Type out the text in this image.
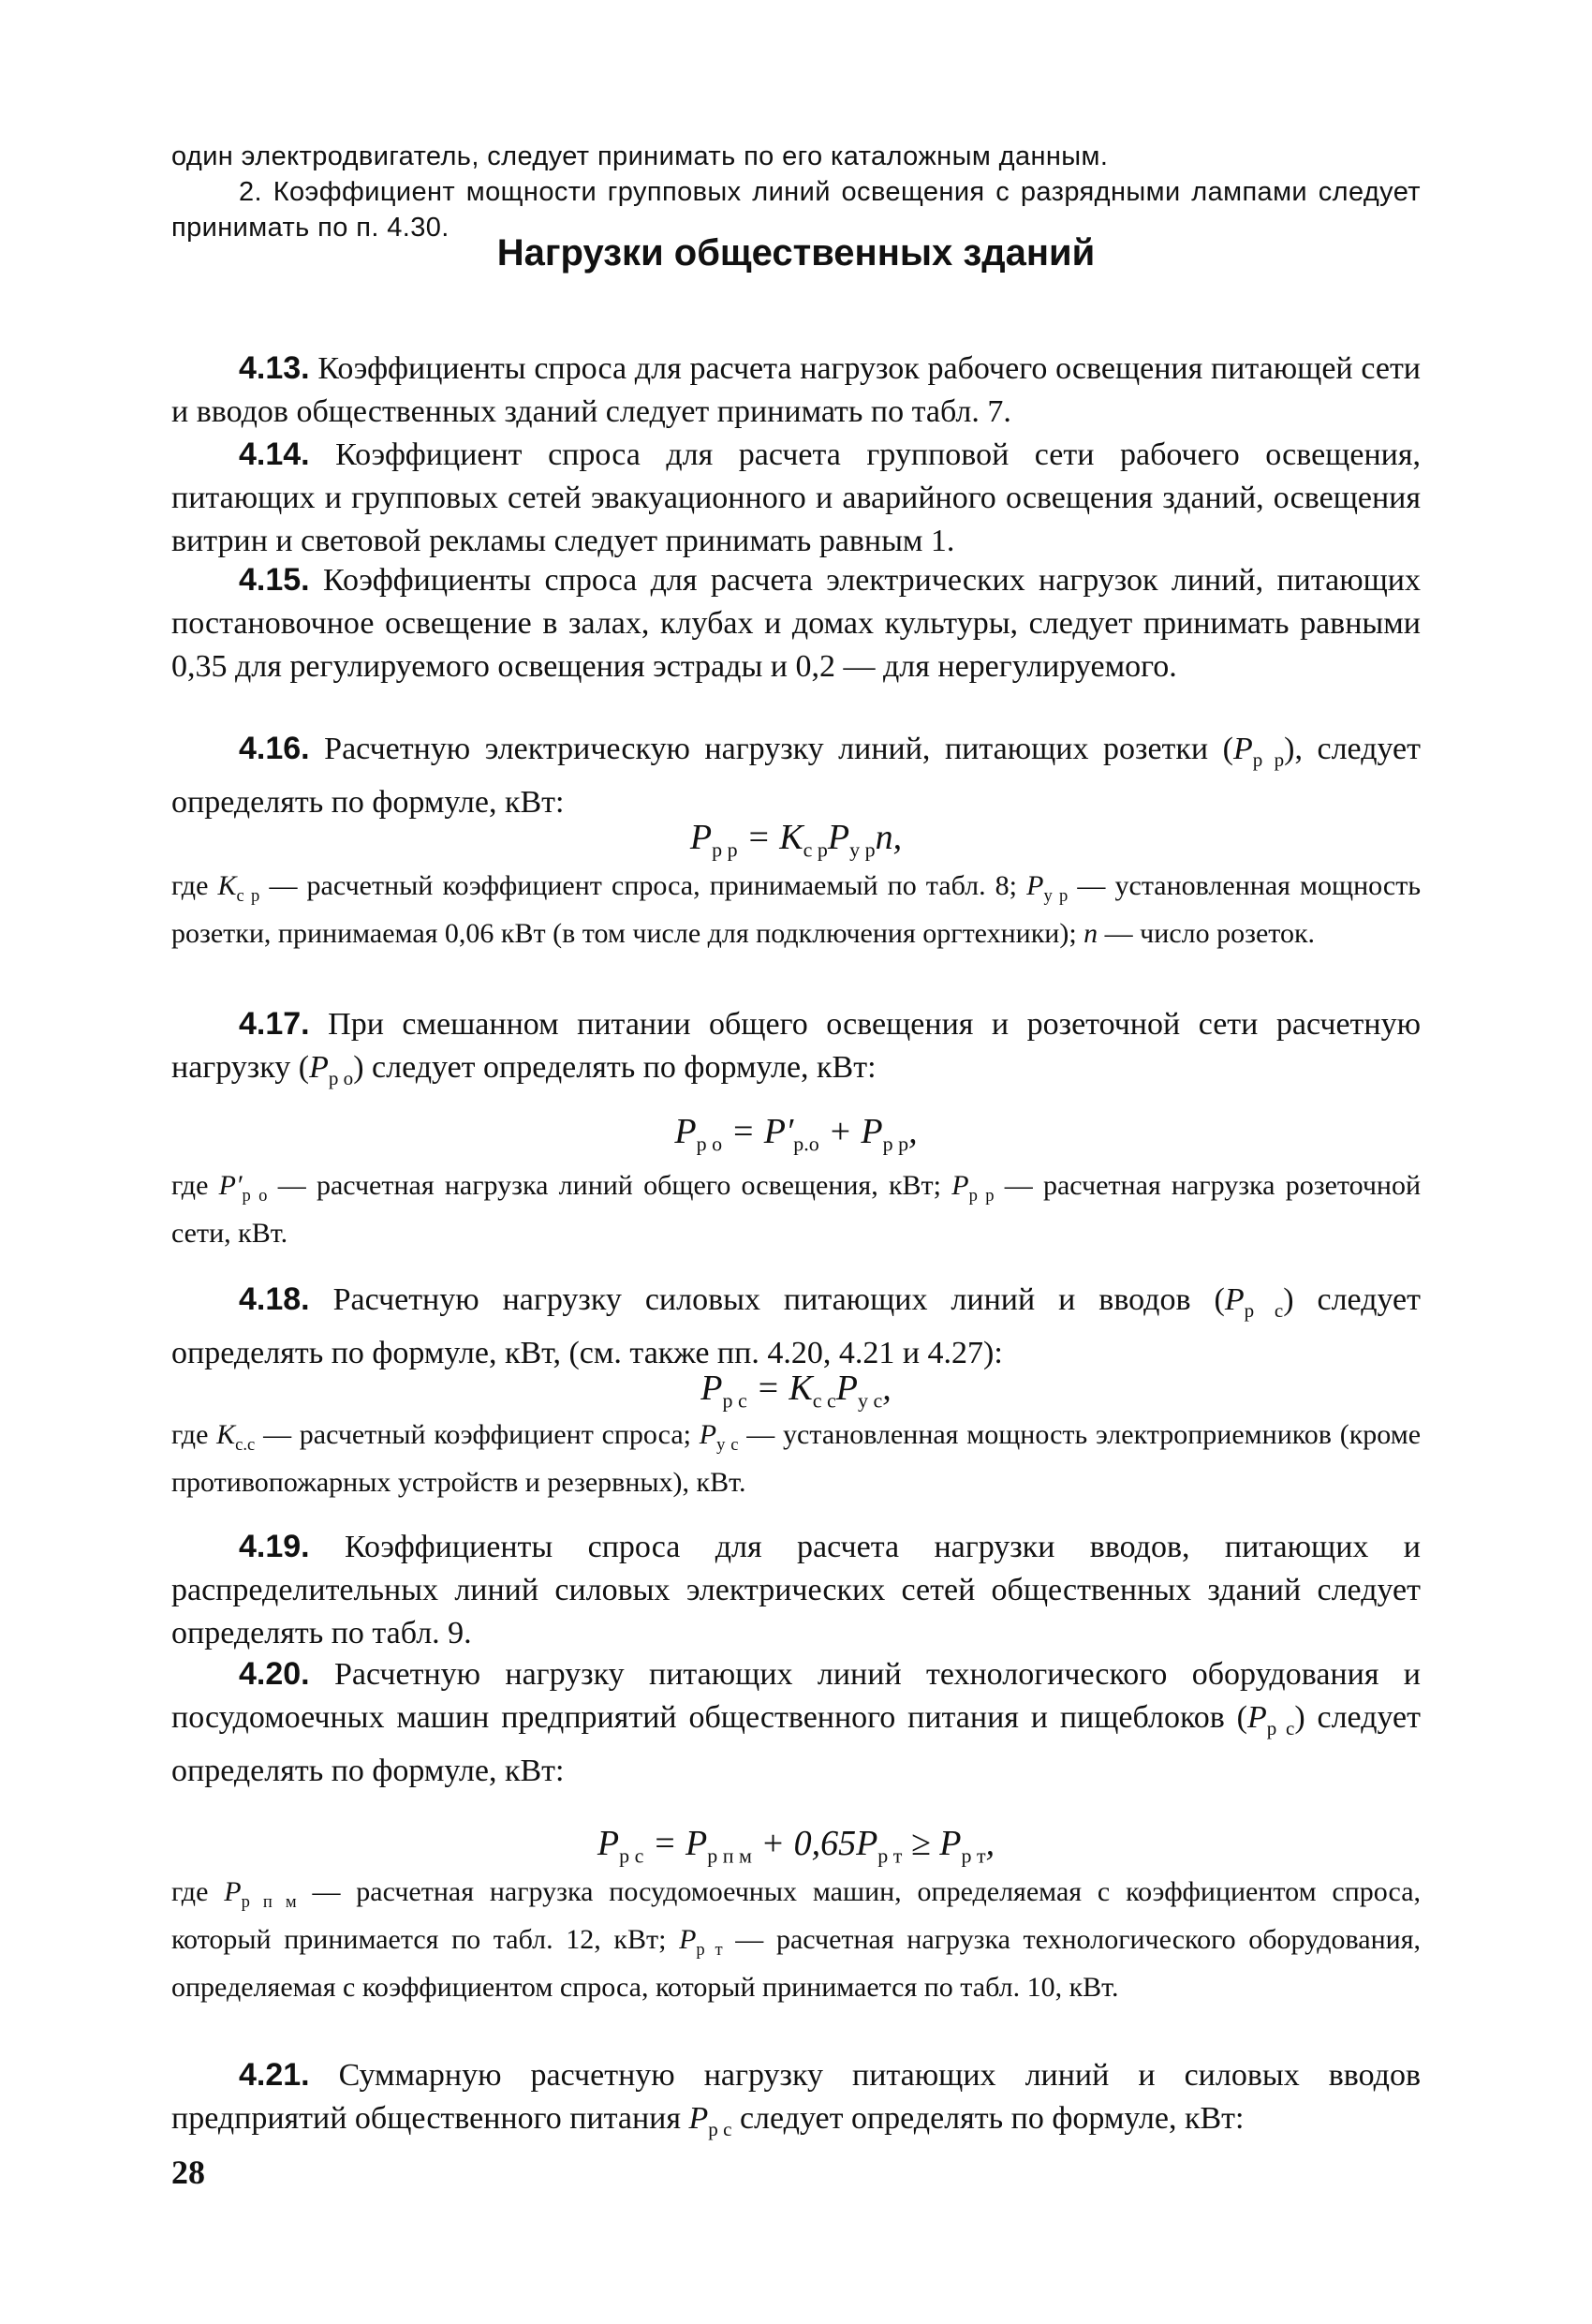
один электродвигатель, следует принимать по его каталожным данным.
2. Коэффициент мощности групповых линий освещения с разрядными лампами следует принимать по п. 4.30.

Нагрузки общественных зданий

4.13. Коэффициенты спроса для расчета нагрузок рабочего освещения питающей сети и вводов общественных зданий следует принимать по табл. 7.

4.14. Коэффициент спроса для расчета групповой сети рабочего освещения, питающих и групповых сетей эвакуационного и аварийного освещения зданий, освещения витрин и световой рекламы следует принимать равным 1.

4.15. Коэффициенты спроса для расчета электрических нагрузок линий, питающих постановочное освещение в залах, клубах и домах культуры, следует принимать равными 0,35 для регулируемого освещения эстрады и 0,2 — для нерегулируемого.

4.16. Расчетную электрическую нагрузку линий, питающих розетки $(P_{р р})$, следует определять по формуле, кВт:

$P_{р р} = K_{с р}P_{у р}n$,

где $K_{с р}$ — расчетный коэффициент спроса, принимаемый по табл. 8; $P_{у р}$ — установленная мощность розетки, принимаемая 0,06 кВт (в том числе для подключения оргтехники); n — число розеток.

4.17. При смешанном питании общего освещения и розеточной сети расчетную нагрузку $(P_{р о})$ следует определять по формуле, кВт:

$P_{р о} = P'_{р.о} + P_{р р}$,

где $P'_{р о}$ — расчетная нагрузка линий общего освещения, кВт; $P_{р р}$ — расчетная нагрузка розеточной сети, кВт.

4.18. Расчетную нагрузку силовых питающих линий и вводов $(P_{р с})$ следует определять по формуле, кВт, (см. также пп. 4.20, 4.21 и 4.27):

$P_{р с} = K_{с с}P_{у с}$,

где $K_{с.с}$ — расчетный коэффициент спроса; $P_{у с}$ — установленная мощность электроприемников (кроме противопожарных устройств и резервных), кВт.

4.19. Коэффициенты спроса для расчета нагрузки вводов, питающих и распределительных линий силовых электрических сетей общественных зданий следует определять по табл. 9.

4.20. Расчетную нагрузку питающих линий технологического оборудования и посудомоечных машин предприятий общественного питания и пищеблоков $(P_{р с})$ следует определять по формуле, кВт:

$P_{р с} = P_{р п м} + 0,65P_{р т} \ge P_{р т}$,

где $P_{р п м}$ — расчетная нагрузка посудомоечных машин, определяемая с коэффициентом спроса, который принимается по табл. 12, кВт; $P_{р т}$ — расчетная нагрузка технологического оборудования, определяемая с коэффициентом спроса, который принимается по табл. 10, кВт.

4.21. Суммарную расчетную нагрузку питающих линий и силовых вводов предприятий общественного питания $P_{р с}$ следует определять по формуле, кВт:

28
